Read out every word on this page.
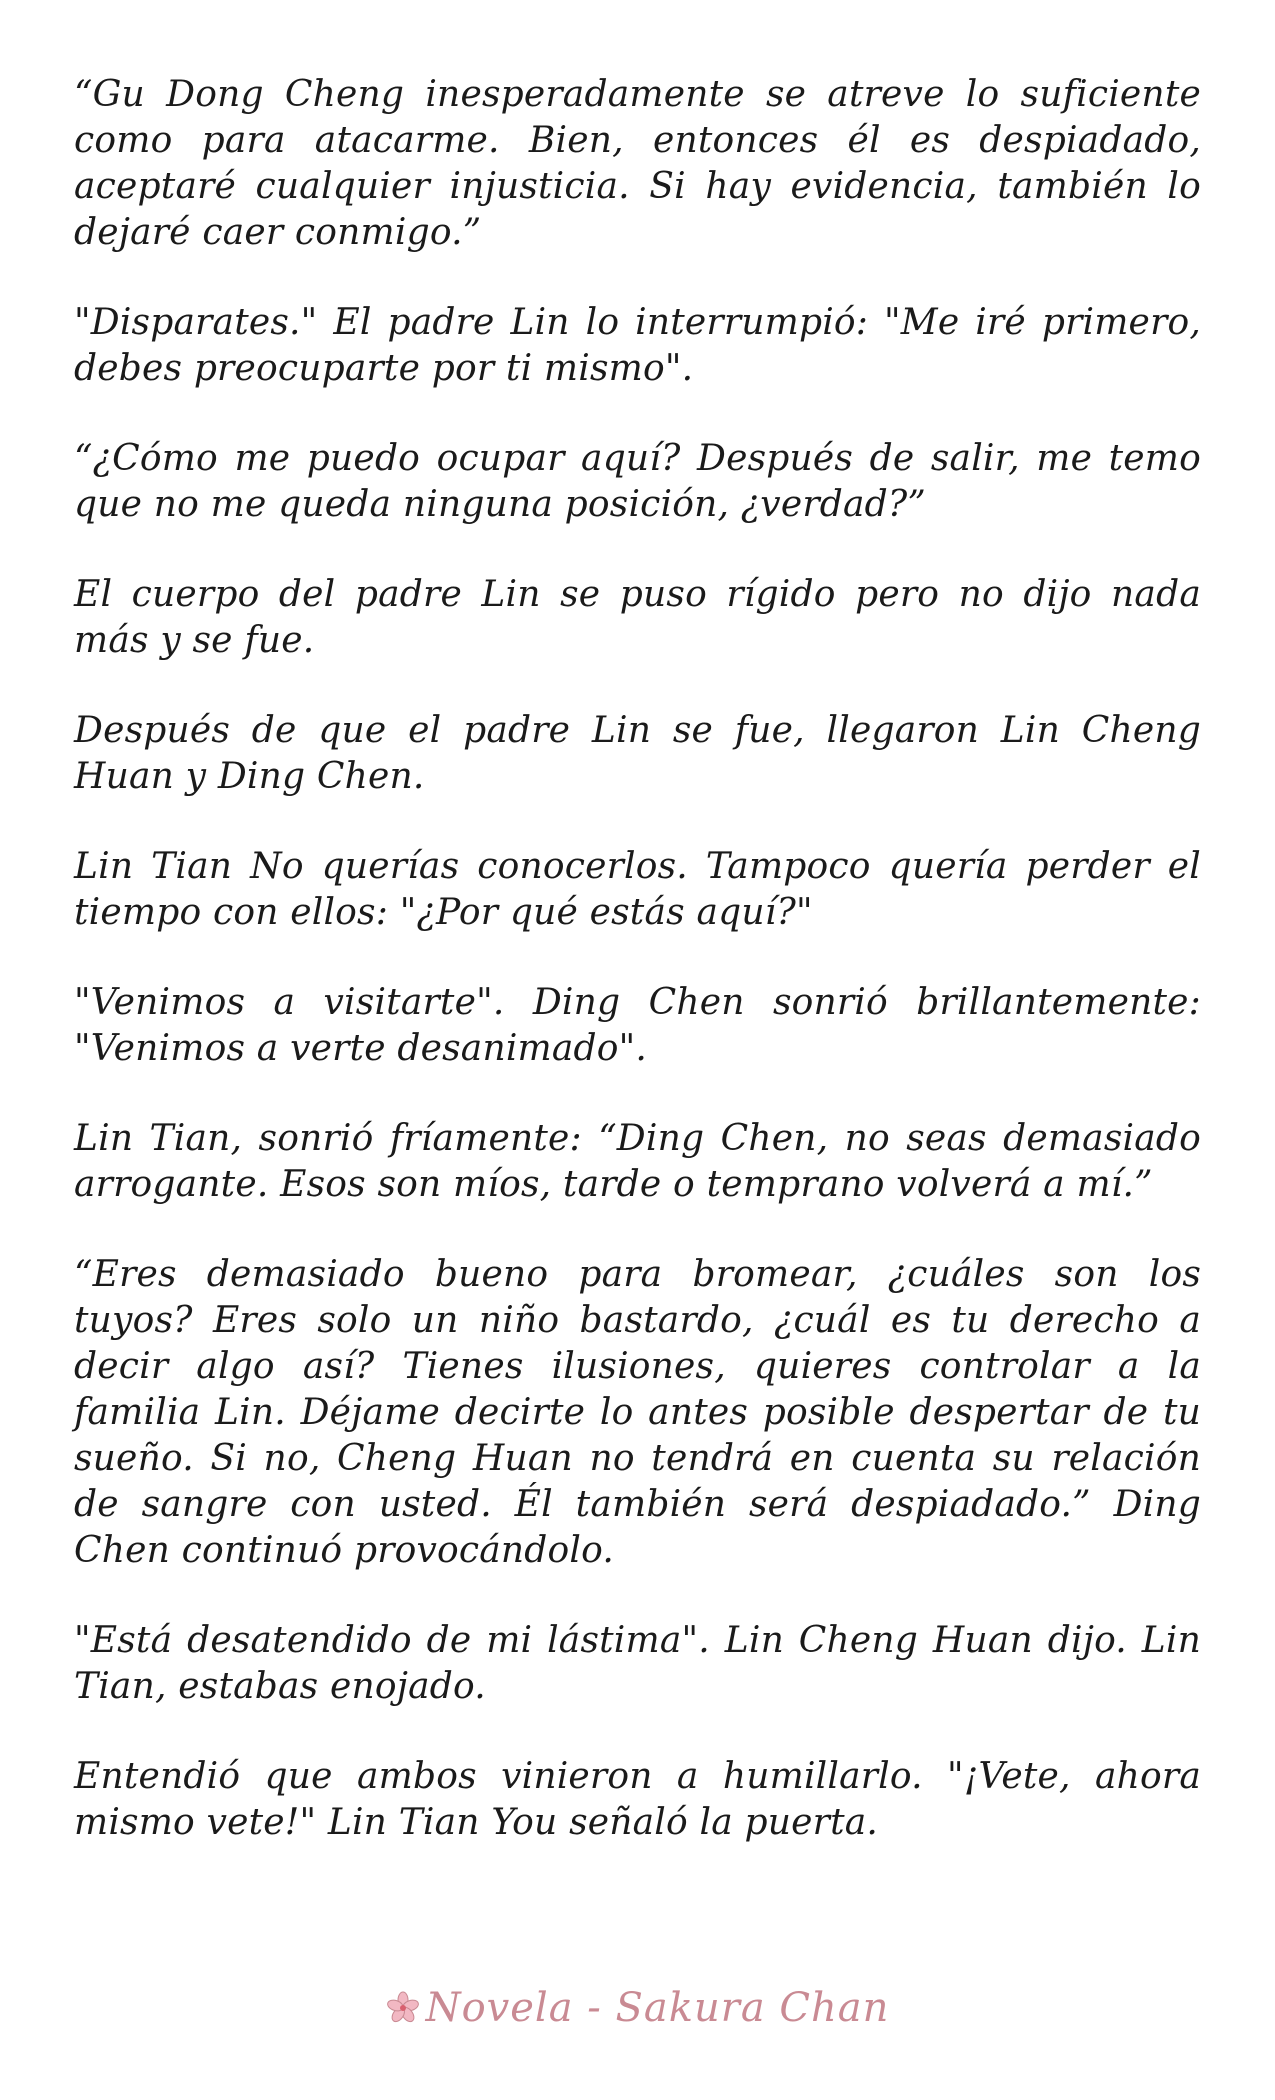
“Gu Dong Cheng inesperadamente se atreve lo suficiente como para atacarme. Bien, entonces él es despiadado, aceptaré cualquier injusticia. Si hay evidencia, también lo dejaré caer conmigo.”

"Disparates." El padre Lin lo interrumpió: "Me iré primero, debes preocuparte por ti mismo".

“¿Cómo me puedo ocupar aquí? Después de salir, me temo que no me queda ninguna posición, ¿verdad?”

El cuerpo del padre Lin se puso rígido pero no dijo nada más y se fue.

Después de que el padre Lin se fue, llegaron Lin Cheng Huan y Ding Chen.

Lin Tian No querías conocerlos. Tampoco quería perder el tiempo con ellos: "¿Por qué estás aquí?"

"Venimos a visitarte". Ding Chen sonrió brillantemente: "Venimos a verte desanimado".

Lin Tian, sonrió fríamente: “Ding Chen, no seas demasiado arrogante. Esos son míos, tarde o temprano volverá a mí.”

“Eres demasiado bueno para bromear, ¿cuáles son los tuyos? Eres solo un niño bastardo, ¿cuál es tu derecho a decir algo así? Tienes ilusiones, quieres controlar a la familia Lin. Déjame decirte lo antes posible despertar de tu sueño. Si no, Cheng Huan no tendrá en cuenta su relación de sangre con usted. Él también será despiadado.” Ding Chen continuó provocándolo.

"Está desatendido de mi lástima". Lin Cheng Huan dijo. Lin Tian, estabas enojado.

Entendió que ambos vinieron a humillarlo. "¡Vete, ahora mismo vete!" Lin Tian You señaló la puerta.

Novela - Sakura Chan
